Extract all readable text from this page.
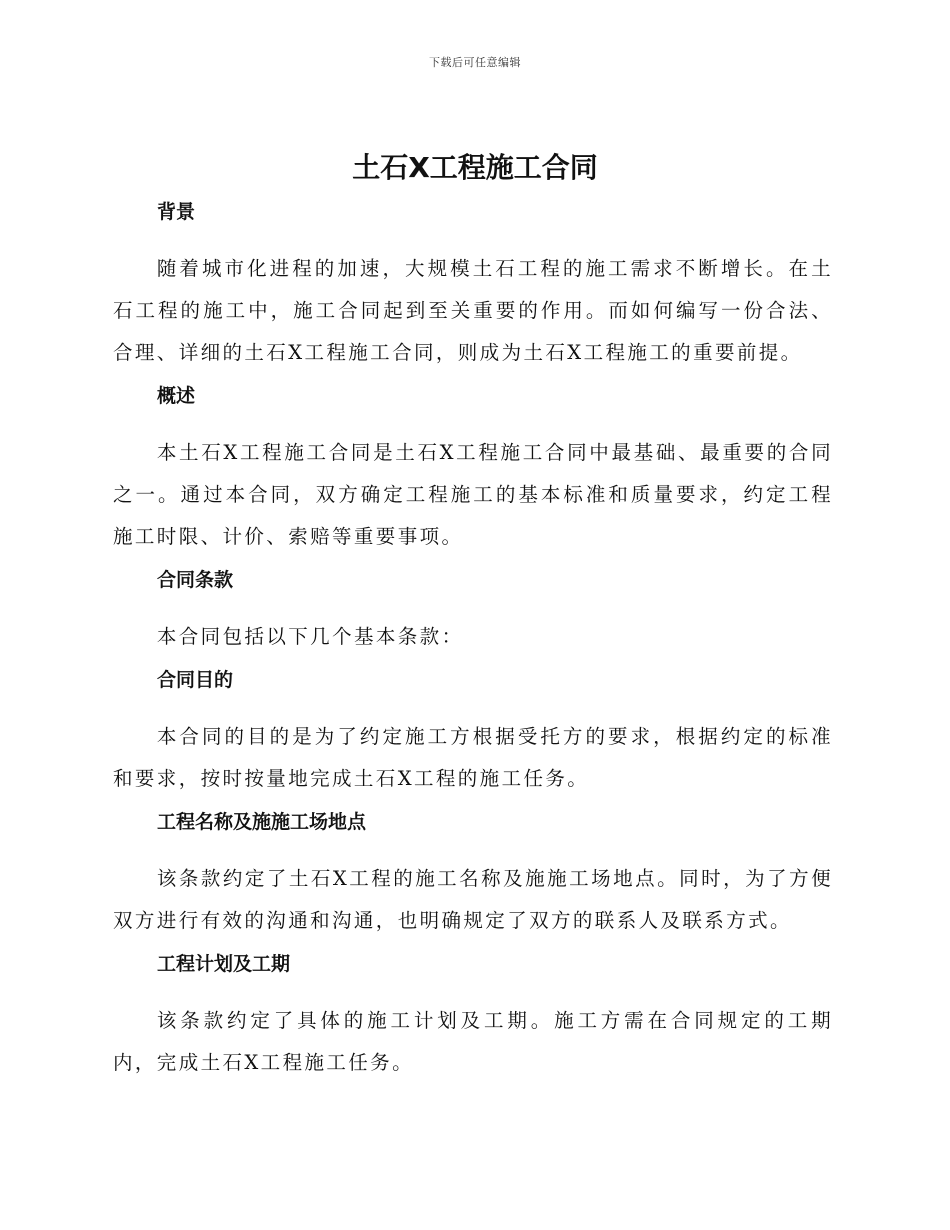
下载后可任意编辑
土石X工程施工合同
背景

随着城市化进程的加速，大规模土石工程的施工需求不断增长。在土石工程的施工中，施工合同起到至关重要的作用。而如何编写一份合法、合理、详细的土石X工程施工合同，则成为土石X工程施工的重要前提。

概述

本土石X工程施工合同是土石X工程施工合同中最基础、最重要的合同之一。通过本合同，双方确定工程施工的基本标准和质量要求，约定工程施工时限、计价、索赔等重要事项。

合同条款

本合同包括以下几个基本条款：

合同目的

本合同的目的是为了约定施工方根据受托方的要求，根据约定的标准和要求，按时按量地完成土石X工程的施工任务。

工程名称及施施工场地点

该条款约定了土石X工程的施工名称及施施工场地点。同时，为了方便双方进行有效的沟通和沟通，也明确规定了双方的联系人及联系方式。

工程计划及工期

该条款约定了具体的施工计划及工期。施工方需在合同规定的工期内，完成土石X工程施工任务。
